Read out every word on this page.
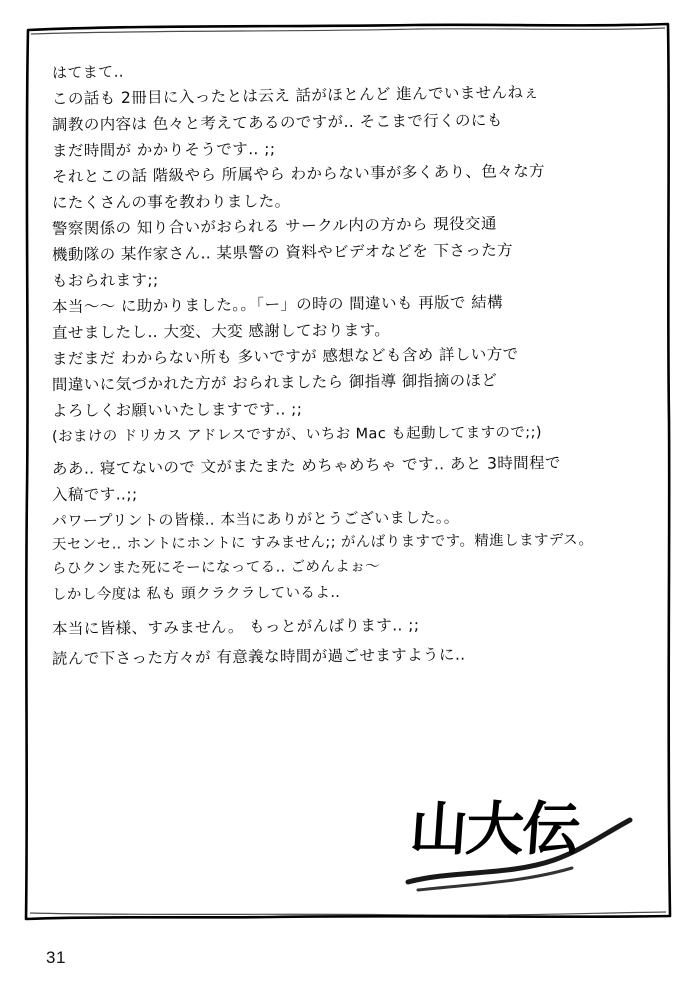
はてまて‥
この話も 2冊目に入ったとは云え 話がほとんど 進んでいませんねぇ
調教の内容は 色々と考えてあるのですが‥ そこまで行くのにも
まだ時間が かかりそうです‥ ;;
それとこの話 階級やら 所属やら わからない事が多くあり、色々な方
にたくさんの事を教わりました。
警察関係の 知り合いがおられる サークル内の方から 現役交通
機動隊の 某作家さん‥ 某県警の 資料やビデオなどを 下さった方
もおられます;;
本当〜〜 に助かりました。。「ー」の時の 間違いも 再版で 結構
直せましたし‥ 大変、大変 感謝しております。
まだまだ わからない所も 多いですが 感想なども含め 詳しい方で
間違いに気づかれた方が おられましたら 御指導 御指摘のほど
よろしくお願いいたしますです‥ ;;
(おまけの ドリカス アドレスですが、いちお Mac も起動してますので;;)
ああ‥ 寝てないので 文がまたまた めちゃめちゃ です‥ あと 3時間程で
入稿です‥;;
パワープリントの皆様‥ 本当にありがとうございました。。
天センセ‥ ホントにホントに すみません;; がんばりますです。精進しますデス。
らひクンまた死にそーになってる‥ ごめんよぉ〜
しかし今度は 私も 頭クラクラしているよ‥
本当に皆様、すみません。 もっとがんばります‥ ;;
読んで下さった方々が 有意義な時間が過ごせますように‥
山大伝
31
